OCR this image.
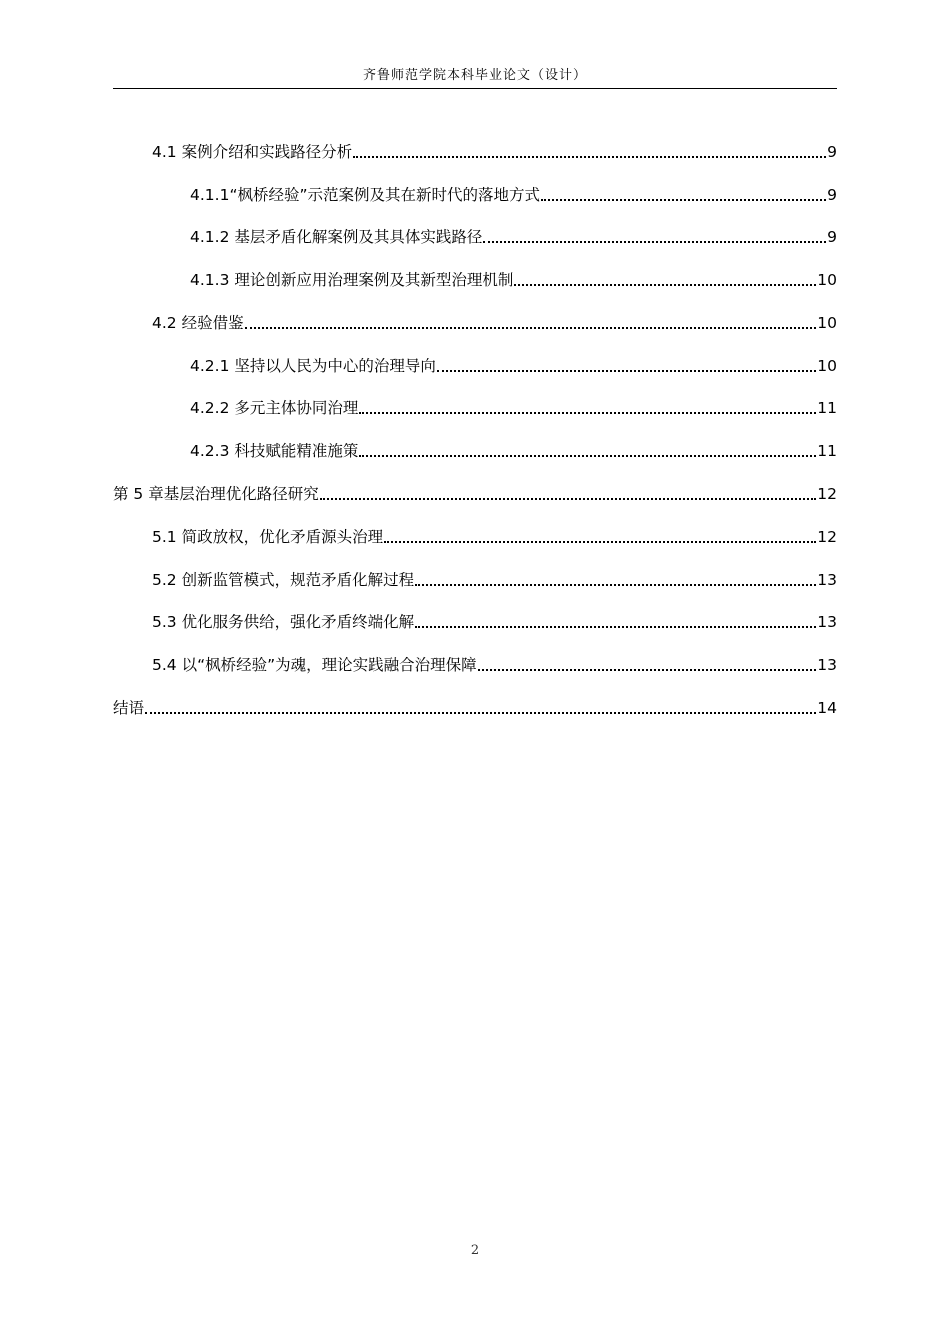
齐鲁师范学院本科毕业论文（设计）
4.1 案例介绍和实践路径分析	9
4.1.1“枫桥经验”示范案例及其在新时代的落地方式	9
4.1.2 基层矛盾化解案例及其具体实践路径	9
4.1.3 理论创新应用治理案例及其新型治理机制	10
4.2 经验借鉴	10
4.2.1 坚持以人民为中心的治理导向	10
4.2.2 多元主体协同治理	11
4.2.3 科技赋能精准施策	11
第 5 章基层治理优化路径研究	12
5.1 简政放权，优化矛盾源头治理	12
5.2 创新监管模式，规范矛盾化解过程	13
5.3 优化服务供给，强化矛盾终端化解	13
5.4 以“枫桥经验”为魂，理论实践融合治理保障	13
结语	14
2
